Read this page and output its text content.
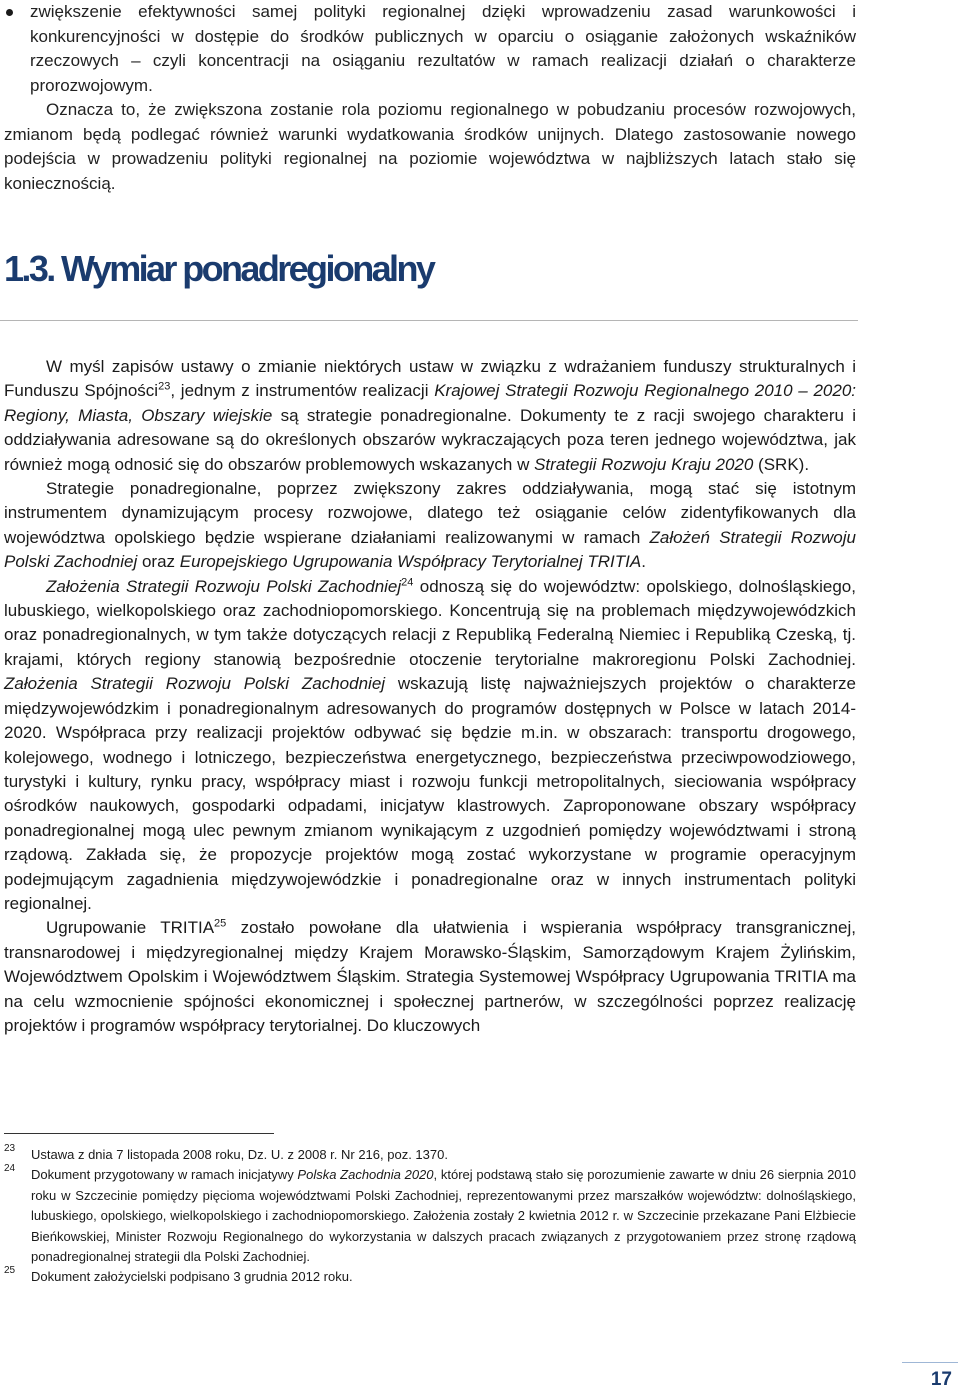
zwiększenie efektywności samej polityki regionalnej dzięki wprowadzeniu zasad warunkowości i konkurencyjności w dostępie do środków publicznych w oparciu o osiąganie założonych wskaźników rzeczowych – czyli koncentracji na osiąganiu rezultatów w ramach realizacji działań o charakterze prorozwojowym.

Oznacza to, że zwiększona zostanie rola poziomu regionalnego w pobudzaniu procesów rozwojowych, zmianom będą podlegać również warunki wydatkowania środków unijnych. Dlatego zastosowanie nowego podejścia w prowadzeniu polityki regionalnej na poziomie województwa w najbliższych latach stało się koniecznością.

1.3. Wymiar ponadregionalny

W myśl zapisów ustawy o zmianie niektórych ustaw w związku z wdrażaniem funduszy strukturalnych i Funduszu Spójności$^{23}$, jednym z instrumentów realizacji Krajowej Strategii Rozwoju Regionalnego 2010 – 2020: Regiony, Miasta, Obszary wiejskie są strategie ponadregionalne. Dokumenty te z racji swojego charakteru i oddziaływania adresowane są do określonych obszarów wykraczających poza teren jednego województwa, jak również mogą odnosić się do obszarów problemowych wskazanych w Strategii Rozwoju Kraju 2020 (SRK).

Strategie ponadregionalne, poprzez zwiększony zakres oddziaływania, mogą stać się istotnym instrumentem dynamizującym procesy rozwojowe, dlatego też osiąganie celów zidentyfikowanych dla województwa opolskiego będzie wspierane działaniami realizowanymi w ramach Założeń Strategii Rozwoju Polski Zachodniej oraz Europejskiego Ugrupowania Współpracy Terytorialnej TRITIA.

Założenia Strategii Rozwoju Polski Zachodniej$^{24}$ odnoszą się do województw: opolskiego, dolnośląskiego, lubuskiego, wielkopolskiego oraz zachodniopomorskiego. Koncentrują się na problemach międzywojewódzkich oraz ponadregionalnych, w tym także dotyczących relacji z Republiką Federalną Niemiec i Republiką Czeską, tj. krajami, których regiony stanowią bezpośrednie otoczenie terytorialne makroregionu Polski Zachodniej. Założenia Strategii Rozwoju Polski Zachodniej wskazują listę najważniejszych projektów o charakterze międzywojewódzkim i ponadregionalnym adresowanych do programów dostępnych w Polsce w latach 2014-2020. Współpraca przy realizacji projektów odbywać się będzie m.in. w obszarach: transportu drogowego, kolejowego, wodnego i lotniczego, bezpieczeństwa energetycznego, bezpieczeństwa przeciwpowodziowego, turystyki i kultury, rynku pracy, współpracy miast i rozwoju funkcji metropolitalnych, sieciowania współpracy ośrodków naukowych, gospodarki odpadami, inicjatyw klastrowych. Zaproponowane obszary współpracy ponadregionalnej mogą ulec pewnym zmianom wynikającym z uzgodnień pomiędzy województwami i stroną rządową. Zakłada się, że propozycje projektów mogą zostać wykorzystane w programie operacyjnym podejmującym zagadnienia międzywojewódzkie i ponadregionalne oraz w innych instrumentach polityki regionalnej.

Ugrupowanie TRITIA$^{25}$ zostało powołane dla ułatwienia i wspierania współpracy transgranicznej, transnarodowej i międzyregionalnej między Krajem Morawsko-Śląskim, Samorządowym Krajem Żylińskim, Województwem Opolskim i Województwem Śląskim. Strategia Systemowej Współpracy Ugrupowania TRITIA ma na celu wzmocnienie spójności ekonomicznej i społecznej partnerów, w szczególności poprzez realizację projektów i programów współpracy terytorialnej. Do kluczowych

23 Ustawa z dnia 7 listopada 2008 roku, Dz. U. z 2008 r. Nr 216, poz. 1370.

24 Dokument przygotowany w ramach inicjatywy Polska Zachodnia 2020, której podstawą stało się porozumienie zawarte w dniu 26 sierpnia 2010 roku w Szczecinie pomiędzy pięcioma województwami Polski Zachodniej, reprezentowanymi przez marszałków województw: dolnośląskiego, lubuskiego, opolskiego, wielkopolskiego i zachodniopomorskiego. Założenia zostały 2 kwietnia 2012 r. w Szczecinie przekazane Pani Elżbiecie Bieńkowskiej, Minister Rozwoju Regionalnego do wykorzystania w dalszych pracach związanych z przygotowaniem przez stronę rządową ponadregionalnej strategii dla Polski Zachodniej.

25 Dokument założycielski podpisano 3 grudnia 2012 roku.

17
